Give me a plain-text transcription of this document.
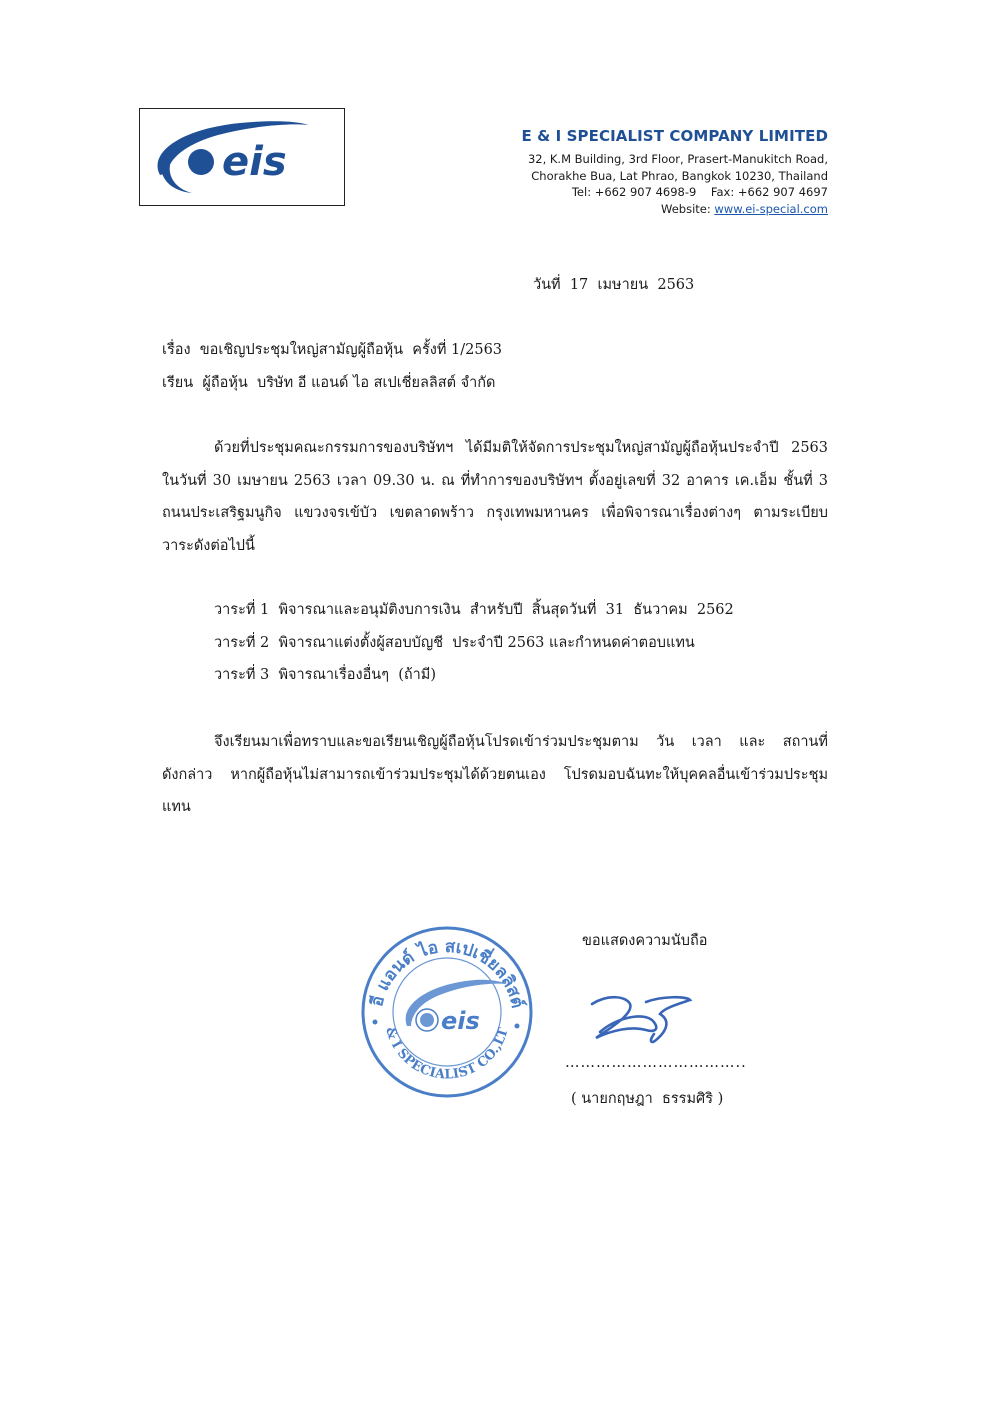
eis
E & I SPECIALIST COMPANY LIMITED
32, K.M Building, 3rd Floor, Prasert-Manukitch Road,
Chorakhe Bua, Lat Phrao, Bangkok 10230, Thailand
Tel: +662 907 4698-9    Fax: +662 907 4697
Website: www.ei-special.com
วันที่  17  เมษายน  2563
เรื่อง  ขอเชิญประชุมใหญ่สามัญผู้ถือหุ้น  ครั้งที่ 1/2563
เรียน  ผู้ถือหุ้น  บริษัท อี แอนด์ ไอ สเปเชี่ยลลิสต์ จำกัด
ด้วยที่ประชุมคณะกรรมการของบริษัทฯ ได้มีมติให้จัดการประชุมใหญ่สามัญผู้ถือหุ้นประจำปี 2563
ในวันที่ 30 เมษายน 2563 เวลา 09.30 น. ณ ที่ทำการของบริษัทฯ ตั้งอยู่เลขที่ 32 อาคาร เค.เอ็ม ชั้นที่ 3
ถนนประเสริฐมนูกิจ แขวงจรเข้บัว เขตลาดพร้าว กรุงเทพมหานคร เพื่อพิจารณาเรื่องต่างๆ ตามระเบียบ
วาระดังต่อไปนี้
วาระที่ 1  พิจารณาและอนุมัติงบการเงิน  สำหรับปี  สิ้นสุดวันที่  31  ธันวาคม  2562
วาระที่ 2  พิจารณาแต่งตั้งผู้สอบบัญชี  ประจำปี 2563 และกำหนดค่าตอบแทน
วาระที่ 3  พิจารณาเรื่องอื่นๆ  (ถ้ามี)
จึงเรียนมาเพื่อทราบและขอเรียนเชิญผู้ถือหุ้นโปรดเข้าร่วมประชุมตาม วัน เวลา และ สถานที่
ดังกล่าว หากผู้ถือหุ้นไม่สามารถเข้าร่วมประชุมได้ด้วยตนเอง โปรดมอบฉันทะให้บุคคลอื่นเข้าร่วมประชุม
แทน
ขอแสดงความนับถือ
……………………………..
( นายกฤษฎา  ธรรมศิริ )
อี แอนด์ ไอ สเปเชี่ยลลิสต์
& I SPECIALIST CO.,LT
eis
